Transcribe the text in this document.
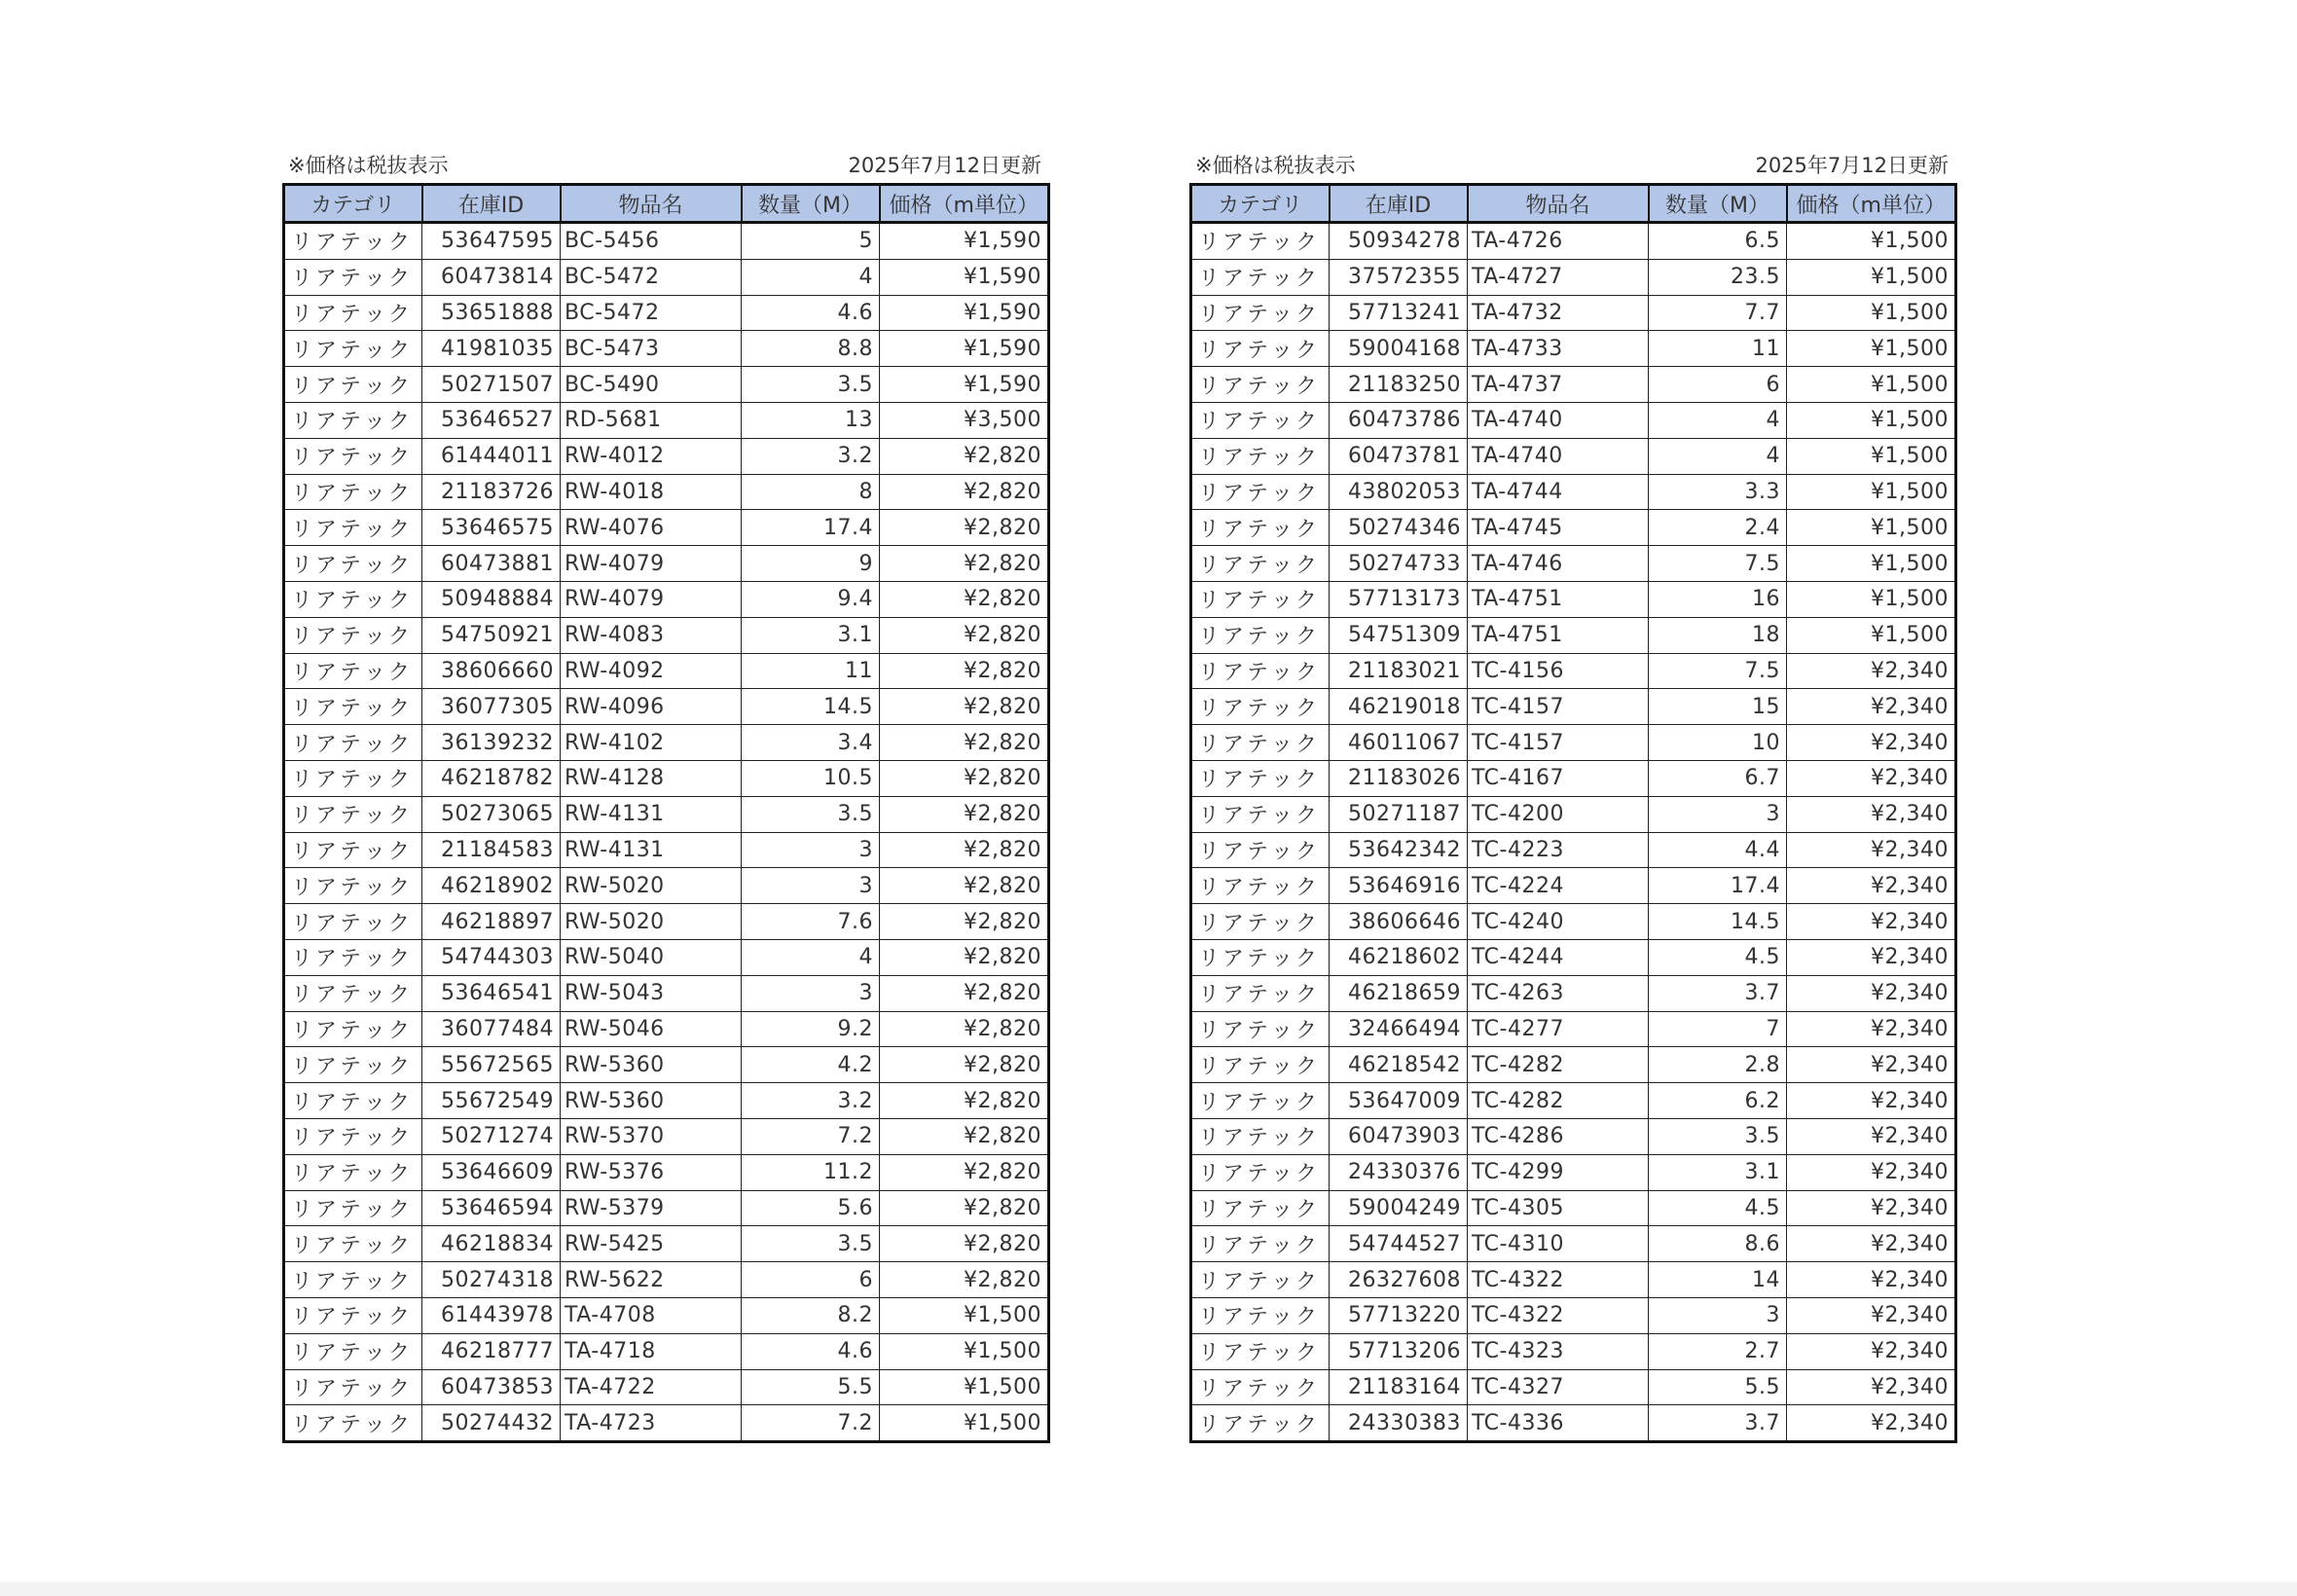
※価格は税抜表示	2025年7月12日更新
カテゴリ	在庫ID	物品名	数量（M）	価格（m単位）
リアテック	53647595	BC-5456	5	¥1,590
リアテック	60473814	BC-5472	4	¥1,590
リアテック	53651888	BC-5472	4.6	¥1,590
リアテック	41981035	BC-5473	8.8	¥1,590
リアテック	50271507	BC-5490	3.5	¥1,590
リアテック	53646527	RD-5681	13	¥3,500
リアテック	61444011	RW-4012	3.2	¥2,820
リアテック	21183726	RW-4018	8	¥2,820
リアテック	53646575	RW-4076	17.4	¥2,820
リアテック	60473881	RW-4079	9	¥2,820
リアテック	50948884	RW-4079	9.4	¥2,820
リアテック	54750921	RW-4083	3.1	¥2,820
リアテック	38606660	RW-4092	11	¥2,820
リアテック	36077305	RW-4096	14.5	¥2,820
リアテック	36139232	RW-4102	3.4	¥2,820
リアテック	46218782	RW-4128	10.5	¥2,820
リアテック	50273065	RW-4131	3.5	¥2,820
リアテック	21184583	RW-4131	3	¥2,820
リアテック	46218902	RW-5020	3	¥2,820
リアテック	46218897	RW-5020	7.6	¥2,820
リアテック	54744303	RW-5040	4	¥2,820
リアテック	53646541	RW-5043	3	¥2,820
リアテック	36077484	RW-5046	9.2	¥2,820
リアテック	55672565	RW-5360	4.2	¥2,820
リアテック	55672549	RW-5360	3.2	¥2,820
リアテック	50271274	RW-5370	7.2	¥2,820
リアテック	53646609	RW-5376	11.2	¥2,820
リアテック	53646594	RW-5379	5.6	¥2,820
リアテック	46218834	RW-5425	3.5	¥2,820
リアテック	50274318	RW-5622	6	¥2,820
リアテック	61443978	TA-4708	8.2	¥1,500
リアテック	46218777	TA-4718	4.6	¥1,500
リアテック	60473853	TA-4722	5.5	¥1,500
リアテック	50274432	TA-4723	7.2	¥1,500
※価格は税抜表示	2025年7月12日更新
カテゴリ	在庫ID	物品名	数量（M）	価格（m単位）
リアテック	50934278	TA-4726	6.5	¥1,500
リアテック	37572355	TA-4727	23.5	¥1,500
リアテック	57713241	TA-4732	7.7	¥1,500
リアテック	59004168	TA-4733	11	¥1,500
リアテック	21183250	TA-4737	6	¥1,500
リアテック	60473786	TA-4740	4	¥1,500
リアテック	60473781	TA-4740	4	¥1,500
リアテック	43802053	TA-4744	3.3	¥1,500
リアテック	50274346	TA-4745	2.4	¥1,500
リアテック	50274733	TA-4746	7.5	¥1,500
リアテック	57713173	TA-4751	16	¥1,500
リアテック	54751309	TA-4751	18	¥1,500
リアテック	21183021	TC-4156	7.5	¥2,340
リアテック	46219018	TC-4157	15	¥2,340
リアテック	46011067	TC-4157	10	¥2,340
リアテック	21183026	TC-4167	6.7	¥2,340
リアテック	50271187	TC-4200	3	¥2,340
リアテック	53642342	TC-4223	4.4	¥2,340
リアテック	53646916	TC-4224	17.4	¥2,340
リアテック	38606646	TC-4240	14.5	¥2,340
リアテック	46218602	TC-4244	4.5	¥2,340
リアテック	46218659	TC-4263	3.7	¥2,340
リアテック	32466494	TC-4277	7	¥2,340
リアテック	46218542	TC-4282	2.8	¥2,340
リアテック	53647009	TC-4282	6.2	¥2,340
リアテック	60473903	TC-4286	3.5	¥2,340
リアテック	24330376	TC-4299	3.1	¥2,340
リアテック	59004249	TC-4305	4.5	¥2,340
リアテック	54744527	TC-4310	8.6	¥2,340
リアテック	26327608	TC-4322	14	¥2,340
リアテック	57713220	TC-4322	3	¥2,340
リアテック	57713206	TC-4323	2.7	¥2,340
リアテック	21183164	TC-4327	5.5	¥2,340
リアテック	24330383	TC-4336	3.7	¥2,340
